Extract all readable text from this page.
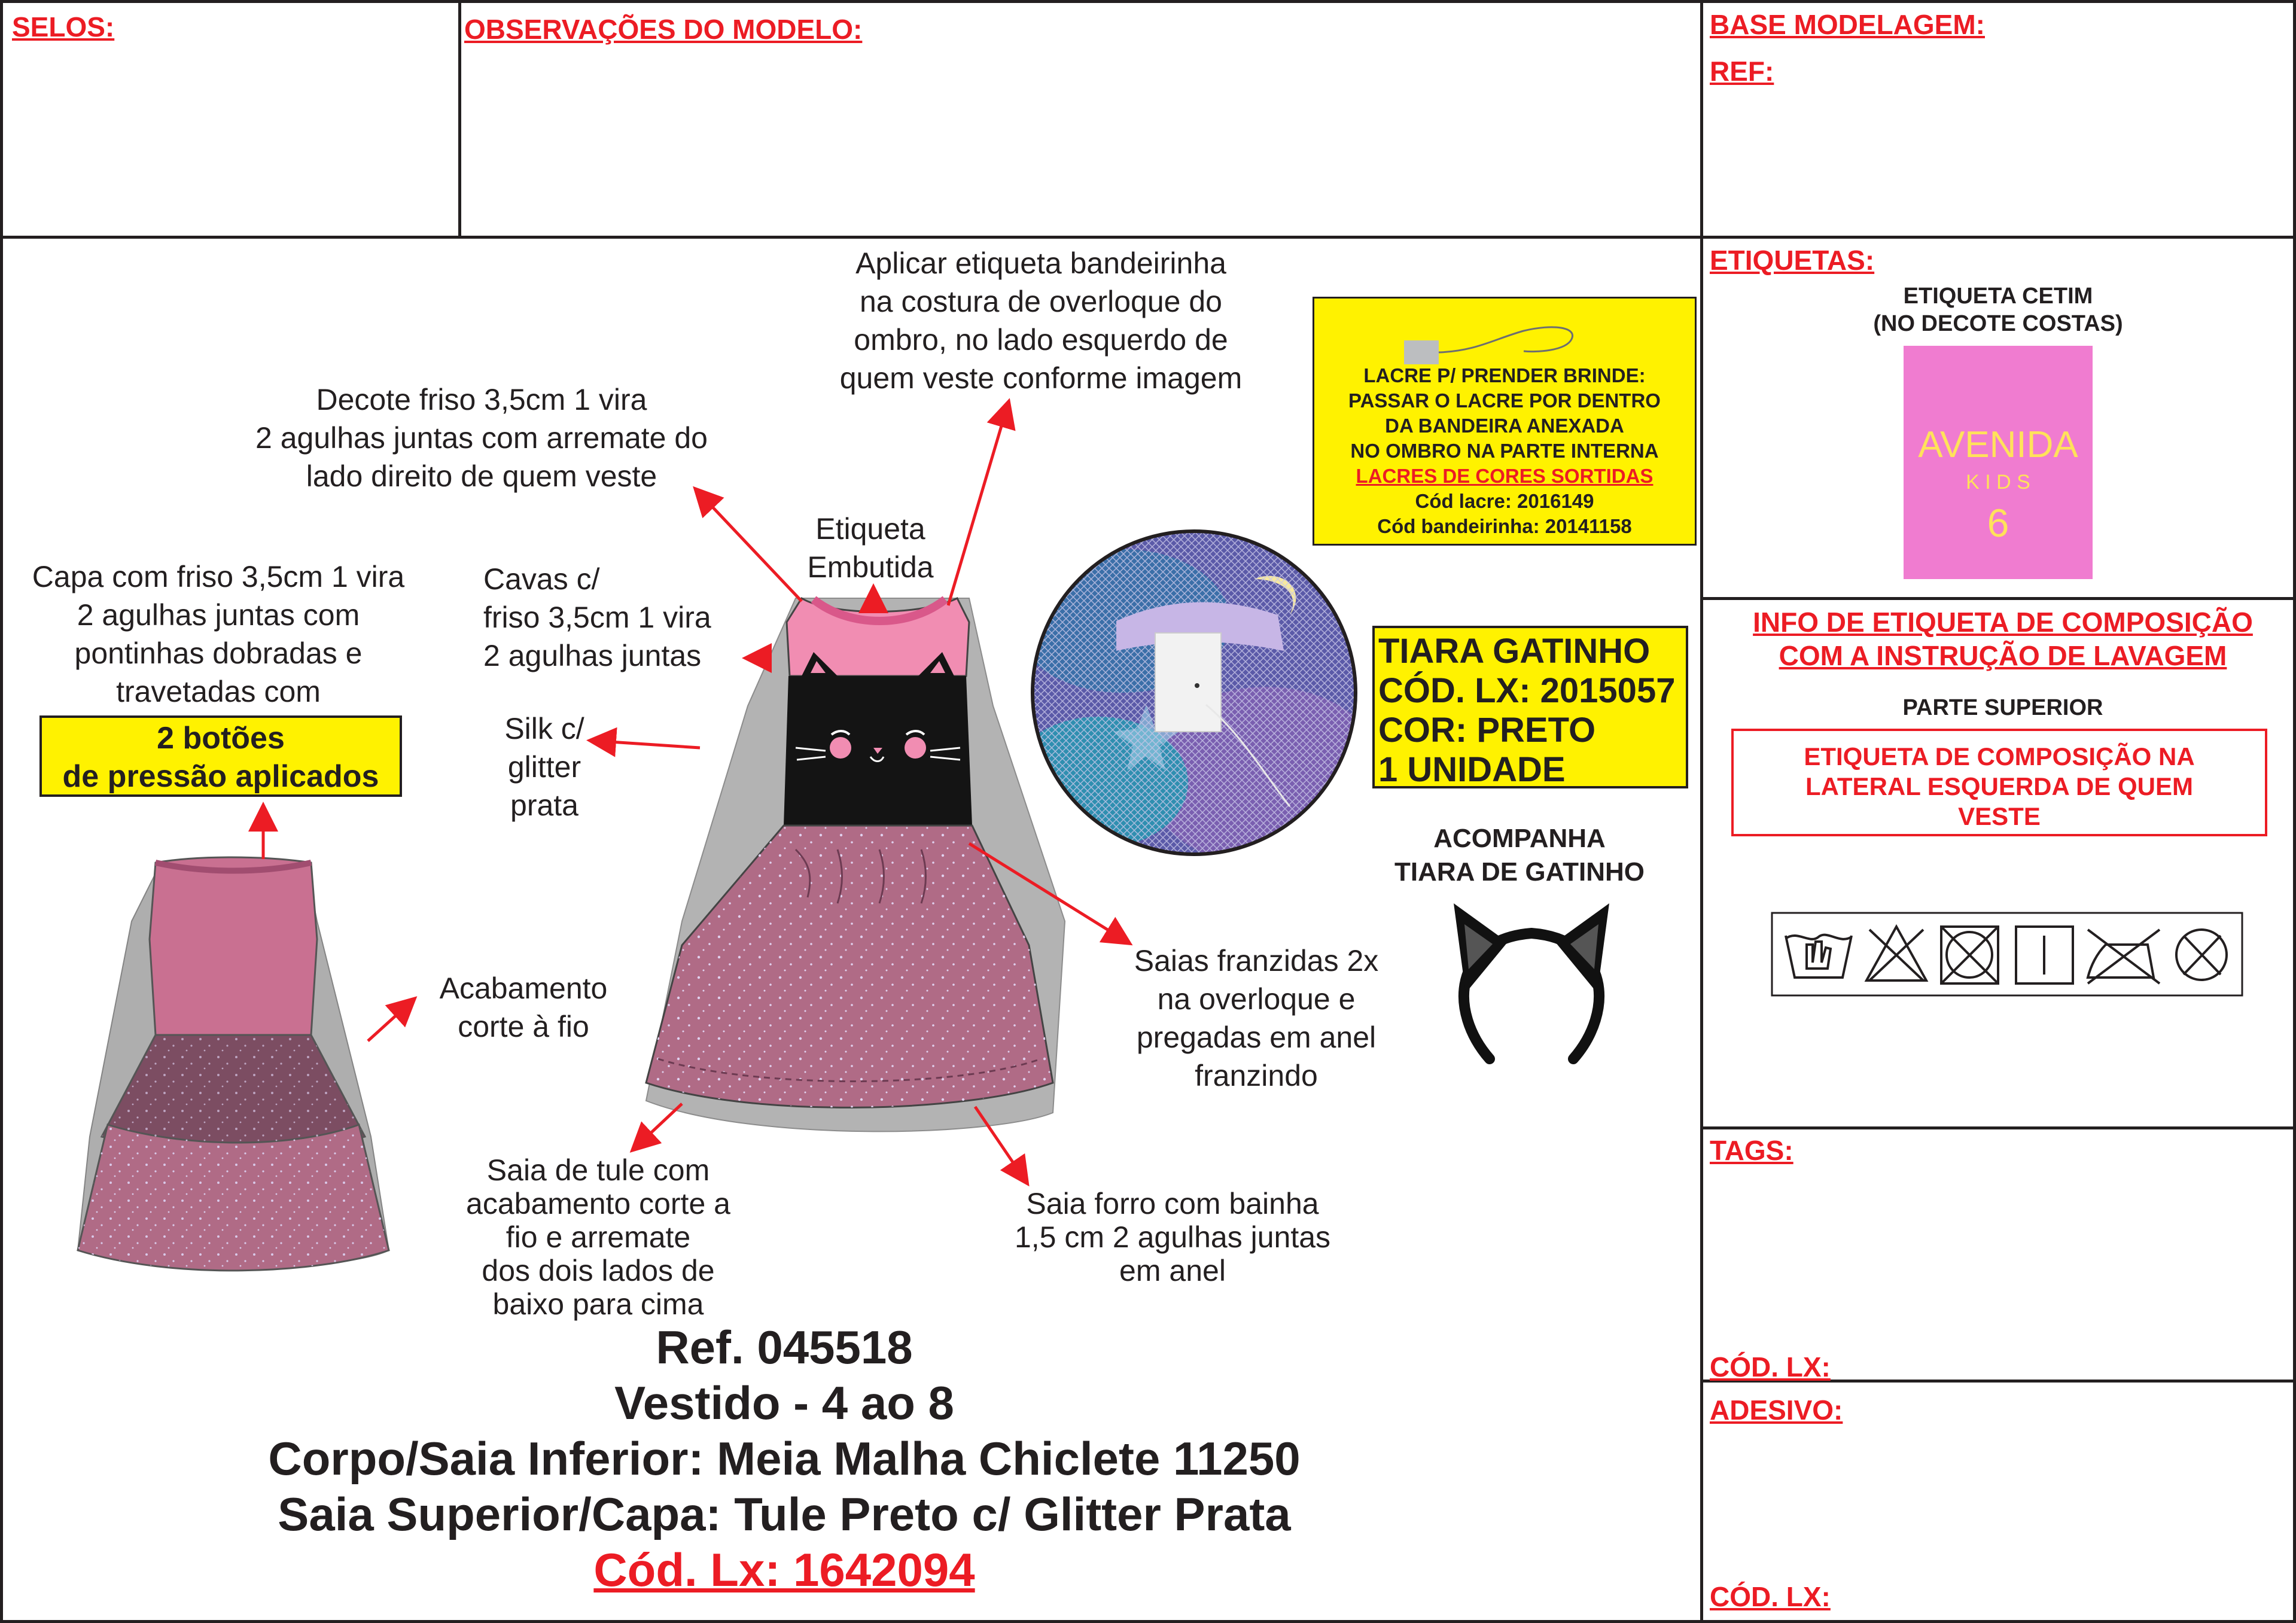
SELOS:	OBSERVAÇÕES DO MODELO:	BASE MODELAGEM:
REF:
Aplicar etiqueta bandeirinha
na costura de overloque do
ombro, no lado esquerdo de
quem veste conforme imagem
Decote friso 3,5cm 1 vira
2 agulhas juntas com arremate do
lado direito de quem veste
Etiqueta
Embutida
Capa com friso 3,5cm 1 vira
2 agulhas juntas com
pontinhas dobradas e
travetadas com
2 botões
de pressão aplicados
Cavas c/
friso 3,5cm 1 vira
2 agulhas juntas
Silk c/
glitter
prata
Acabamento
corte à fio
Saias franzidas 2x
na overloque e
pregadas em anel
franzindo
Saia de tule com
acabamento corte a
fio e arremate
dos dois lados de
baixo para cima
Saia forro com bainha
1,5 cm 2 agulhas juntas
em anel
LACRE P/ PRENDER BRINDE:
PASSAR O LACRE POR DENTRO
DA BANDEIRA ANEXADA
NO OMBRO NA PARTE INTERNA
LACRES DE CORES SORTIDAS
Cód lacre: 2016149
Cód bandeirinha: 20141158
TIARA GATINHO
CÓD. LX: 2015057
COR: PRETO
1 UNIDADE
ACOMPANHA
TIARA DE GATINHO
ETIQUETAS:
ETIQUETA CETIM
(NO DECOTE COSTAS)
AVENIDA
K I D S
6
INFO DE ETIQUETA DE COMPOSIÇÃO
COM A INSTRUÇÃO DE LAVAGEM
PARTE SUPERIOR
ETIQUETA DE COMPOSIÇÃO NA
LATERAL ESQUERDA DE QUEM
VESTE
TAGS:
CÓD. LX:
ADESIVO:
CÓD. LX:
Ref. 045518
Vestido - 4 ao 8
Corpo/Saia Inferior: Meia Malha Chiclete 11250
Saia Superior/Capa: Tule Preto c/ Glitter Prata
Cód. Lx: 1642094
